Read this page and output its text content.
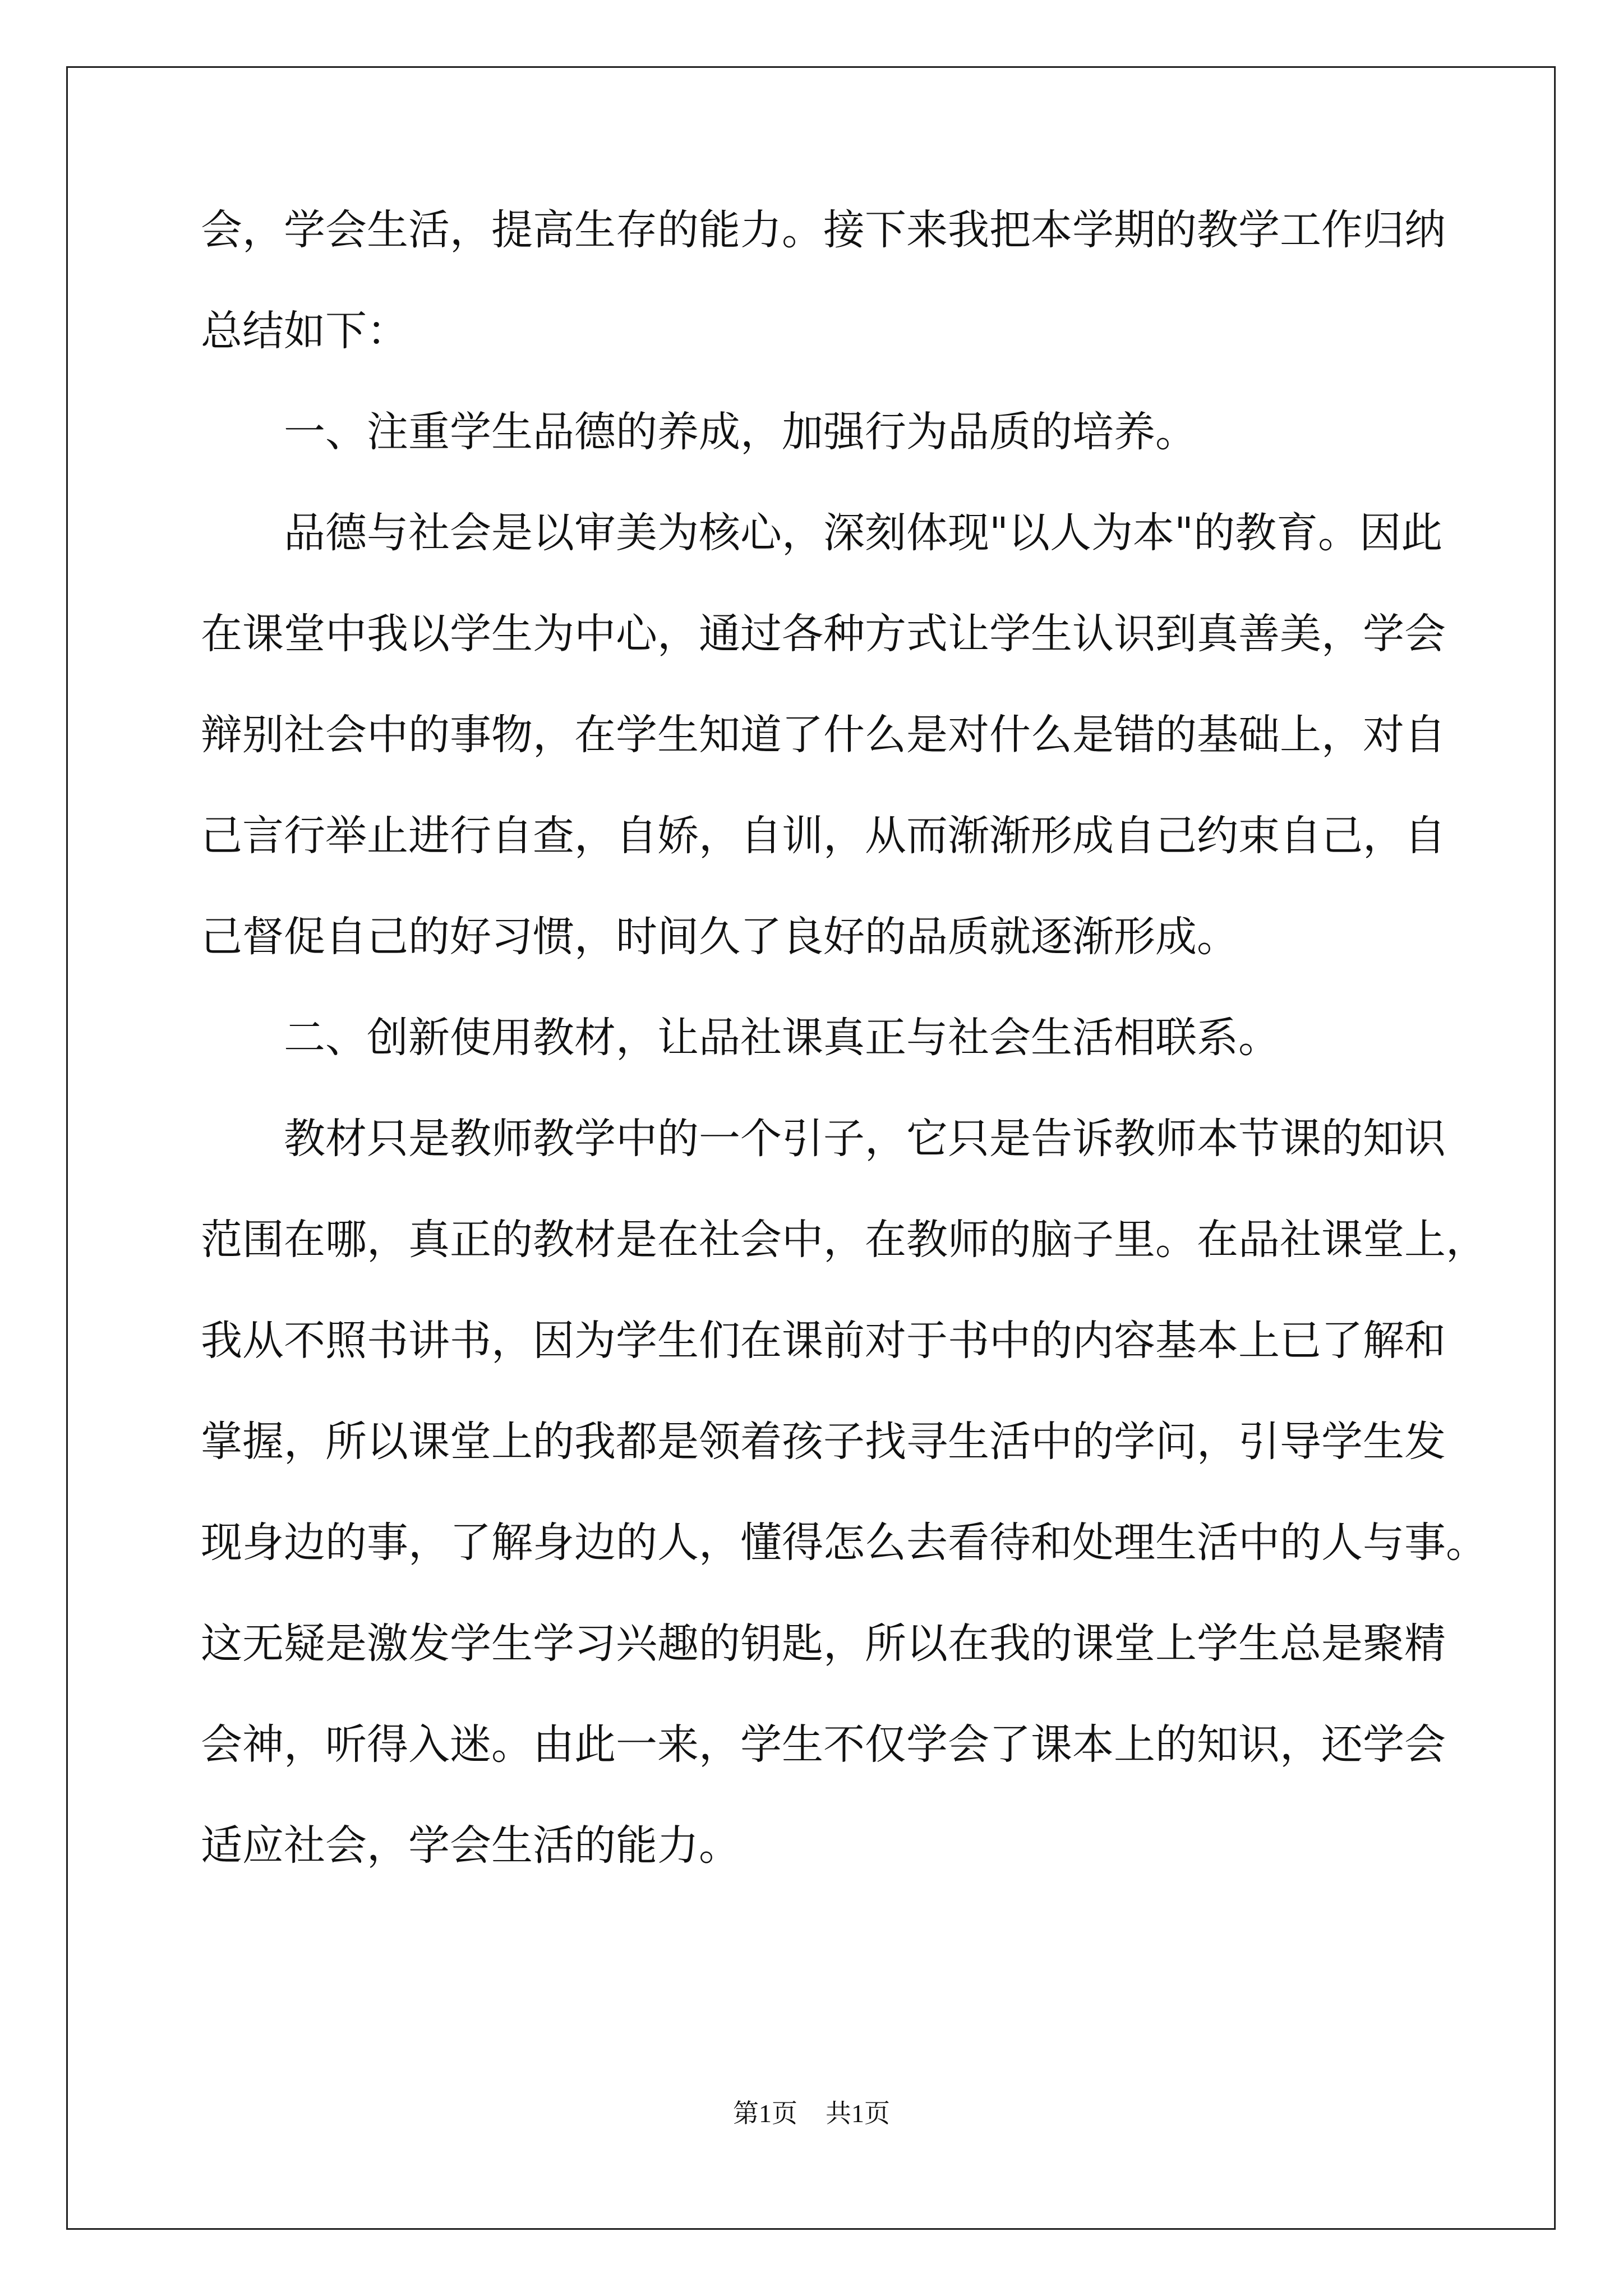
会，学会生活，提高生存的能力。接下来我把本学期的教学工作归纳
总结如下：
一、注重学生品德的养成，加强行为品质的培养。
品德与社会是以审美为核心，深刻体现"以人为本"的教育。因此
在课堂中我以学生为中心，通过各种方式让学生认识到真善美，学会
辩别社会中的事物，在学生知道了什么是对什么是错的基础上，对自
己言行举止进行自查，自娇，自训，从而渐渐形成自己约束自己，自
己督促自己的好习惯，时间久了良好的品质就逐渐形成。
二、创新使用教材，让品社课真正与社会生活相联系。
教材只是教师教学中的一个引子，它只是告诉教师本节课的知识
范围在哪，真正的教材是在社会中，在教师的脑子里。在品社课堂上，
我从不照书讲书，因为学生们在课前对于书中的内容基本上已了解和
掌握，所以课堂上的我都是领着孩子找寻生活中的学问，引导学生发
现身边的事，了解身边的人，懂得怎么去看待和处理生活中的人与事。
这无疑是激发学生学习兴趣的钥匙，所以在我的课堂上学生总是聚精
会神，听得入迷。由此一来，学生不仅学会了课本上的知识，还学会
适应社会，学会生活的能力。
第1页 共1页
